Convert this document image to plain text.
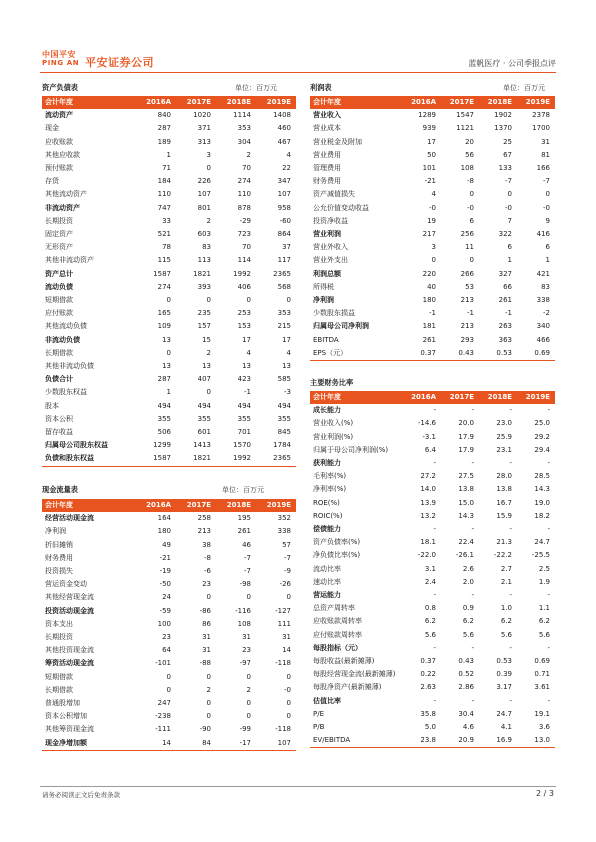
中国平安
PING AN 平安证券公司	蓝帆医疗 · 公司季报点评
资产负债表	单位：百万元
会计年度	2016A	2017E	2018E	2019E
流动资产	840	1020	1114	1408
现金	287	371	353	460
应收账款	189	313	304	467
其他应收款	1	3	2	4
预付账款	71	0	70	22
存货	184	226	274	347
其他流动资产	110	107	110	107
非流动资产	747	801	878	958
长期投资	33	2	-29	-60
固定资产	521	603	723	864
无形资产	78	83	70	37
其他非流动资产	115	113	114	117
资产总计	1587	1821	1992	2365
流动负债	274	393	406	568
短期借款	0	0	0	0
应付账款	165	235	253	353
其他流动负债	109	157	153	215
非流动负债	13	15	17	17
长期借款	0	2	4	4
其他非流动负债	13	13	13	13
负债合计	287	407	423	585
少数股东权益	1	0	-1	-3
股本	494	494	494	494
资本公积	355	355	355	355
留存收益	506	601	701	845
归属母公司股东权益	1299	1413	1570	1784
负债和股东权益	1587	1821	1992	2365
利润表	单位：百万元
会计年度	2016A	2017E	2018E	2019E
营业收入	1289	1547	1902	2378
营业成本	939	1121	1370	1700
营业税金及附加	17	20	25	31
营业费用	50	56	67	81
管理费用	101	108	133	166
财务费用	-21	-8	-7	-7
资产减值损失	4	0	0	0
公允价值变动收益	-0	-0	-0	-0
投资净收益	19	6	7	9
营业利润	217	256	322	416
营业外收入	3	11	6	6
营业外支出	0	0	1	1
利润总额	220	266	327	421
所得税	40	53	66	83
净利润	180	213	261	338
少数股东损益	-1	-1	-1	-2
归属母公司净利润	181	213	263	340
EBITDA	261	293	363	466
EPS（元）	0.37	0.43	0.53	0.69
现金流量表	单位：百万元
会计年度	2016A	2017E	2018E	2019E
经营活动现金流	164	258	195	352
净利润	180	213	261	338
折旧摊销	49	38	46	57
财务费用	-21	-8	-7	-7
投资损失	-19	-6	-7	-9
营运资金变动	-50	23	-98	-26
其他经营现金流	24	0	0	0
投资活动现金流	-59	-86	-116	-127
资本支出	100	86	108	111
长期投资	23	31	31	31
其他投资现金流	64	31	23	14
筹资活动现金流	-101	-88	-97	-118
短期借款	0	0	0	0
长期借款	0	2	2	-0
普通股增加	247	0	0	0
资本公积增加	-238	0	0	0
其他筹资现金流	-111	-90	-99	-118
现金净增加额	14	84	-17	107
主要财务比率
会计年度	2016A	2017E	2018E	2019E
成长能力	-	-	-	-
营业收入(%)	-14.6	20.0	23.0	25.0
营业利润(%)	-3.1	17.9	25.9	29.2
归属于母公司净利润(%)	6.4	17.9	23.1	29.4
获利能力	-	-	-	-
毛利率(%)	27.2	27.5	28.0	28.5
净利率(%)	14.0	13.8	13.8	14.3
ROE(%)	13.9	15.0	16.7	19.0
ROIC(%)	13.2	14.3	15.9	18.2
偿债能力	-	-	-	-
资产负债率(%)	18.1	22.4	21.3	24.7
净负债比率(%)	-22.0	-26.1	-22.2	-25.5
流动比率	3.1	2.6	2.7	2.5
速动比率	2.4	2.0	2.1	1.9
营运能力	-	-	-	-
总资产周转率	0.8	0.9	1.0	1.1
应收账款周转率	6.2	6.2	6.2	6.2
应付账款周转率	5.6	5.6	5.6	5.6
每股指标（元）	-	-	-	-
每股收益(最新摊薄)	0.37	0.43	0.53	0.69
每股经营现金流(最新摊薄)	0.22	0.52	0.39	0.71
每股净资产(最新摊薄)	2.63	2.86	3.17	3.61
估值比率	-	-	-	-
P/E	35.8	30.4	24.7	19.1
P/B	5.0	4.6	4.1	3.6
EV/EBITDA	23.8	20.9	16.9	13.0
请务必阅读正文后免责条款	2 / 3
